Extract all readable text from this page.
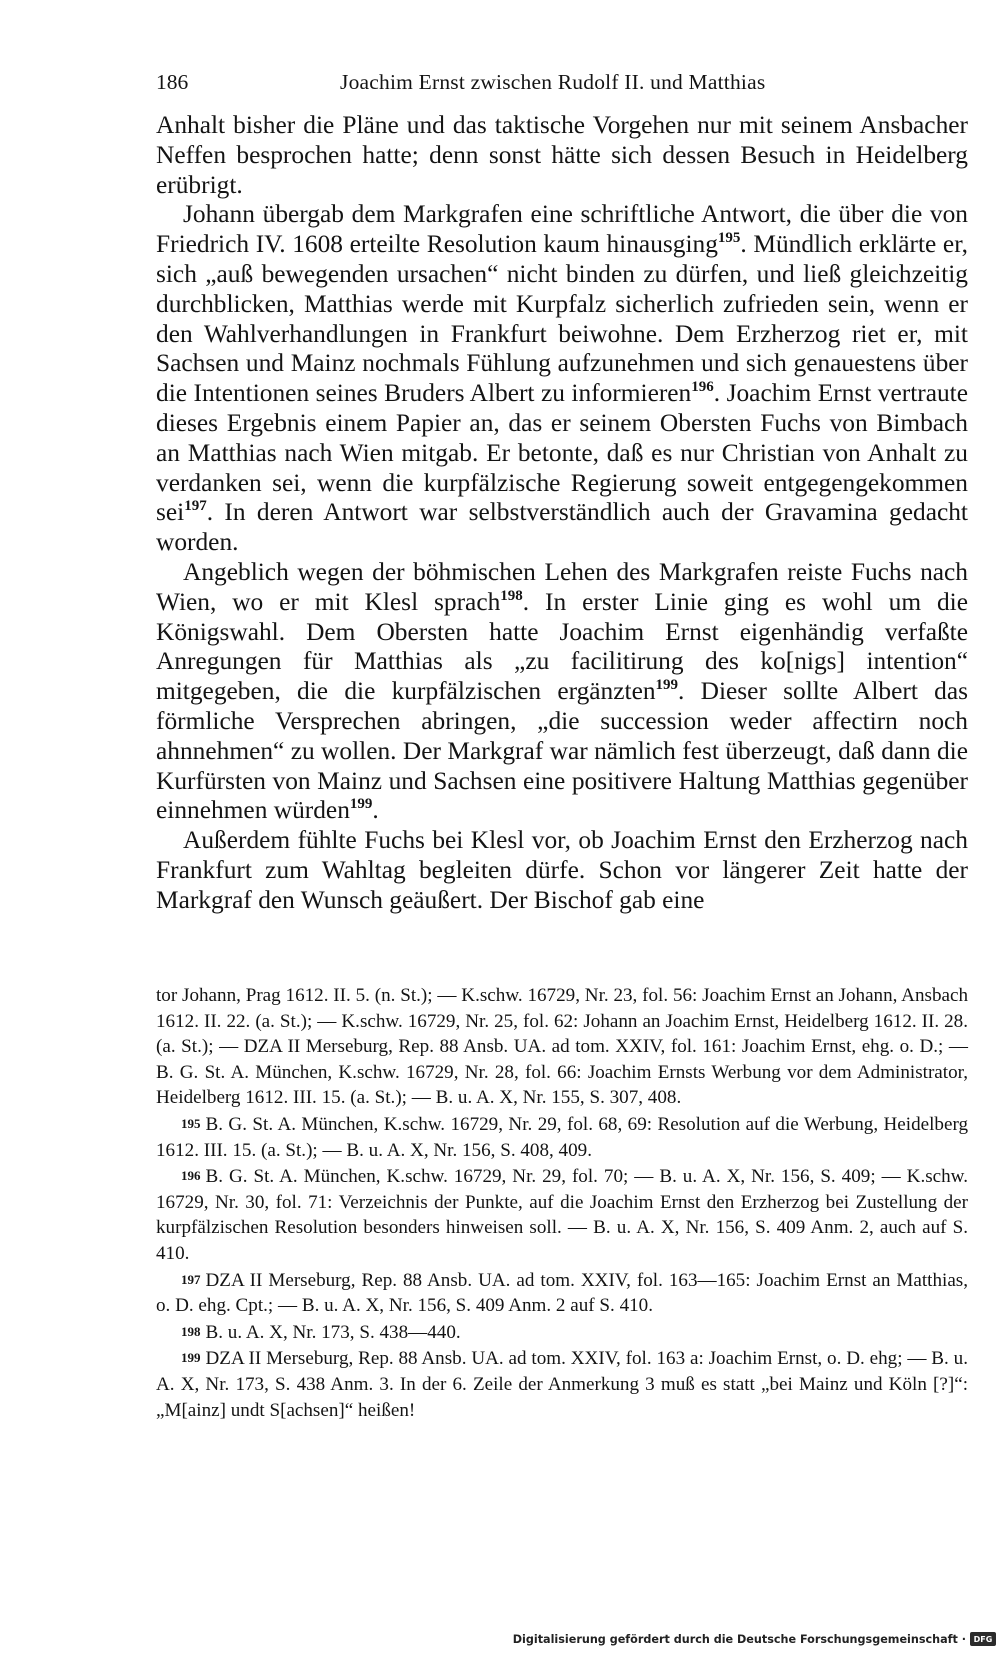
186	Joachim Ernst zwischen Rudolf II. und Matthias

Anhalt bisher die Pläne und das taktische Vorgehen nur mit seinem Ansbacher Neffen besprochen hatte; denn sonst hätte sich dessen Besuch in Heidelberg erübrigt.

Johann übergab dem Markgrafen eine schriftliche Antwort, die über die von Friedrich IV. 1608 erteilte Resolution kaum hinausging$^{195}$. Mündlich erklärte er, sich „auß bewegenden ursachen“ nicht binden zu dürfen, und ließ gleichzeitig durchblicken, Matthias werde mit Kurpfalz sicherlich zufrieden sein, wenn er den Wahlverhandlungen in Frankfurt beiwohne. Dem Erzherzog riet er, mit Sachsen und Mainz nochmals Fühlung aufzunehmen und sich genauestens über die Intentionen seines Bruders Albert zu informieren$^{196}$. Joachim Ernst vertraute dieses Ergebnis einem Papier an, das er seinem Obersten Fuchs von Bimbach an Matthias nach Wien mitgab. Er betonte, daß es nur Christian von Anhalt zu verdanken sei, wenn die kurpfälzische Regierung soweit entgegengekommen sei$^{197}$. In deren Antwort war selbstverständlich auch der Gravamina gedacht worden.

Angeblich wegen der böhmischen Lehen des Markgrafen reiste Fuchs nach Wien, wo er mit Klesl sprach$^{198}$. In erster Linie ging es wohl um die Königswahl. Dem Obersten hatte Joachim Ernst eigenhändig verfaßte Anregungen für Matthias als „zu facilitirung des ko[nigs] intention“ mitgegeben, die die kurpfälzischen ergänzten$^{199}$. Dieser sollte Albert das förmliche Versprechen abringen, „die succession weder affectirn noch ahnnehmen“ zu wollen. Der Markgraf war nämlich fest überzeugt, daß dann die Kurfürsten von Mainz und Sachsen eine positivere Haltung Matthias gegenüber einnehmen würden$^{199}$.

Außerdem fühlte Fuchs bei Klesl vor, ob Joachim Ernst den Erzherzog nach Frankfurt zum Wahltag begleiten dürfe. Schon vor längerer Zeit hatte der Markgraf den Wunsch geäußert. Der Bischof gab eine

tor Johann, Prag 1612. II. 5. (n. St.); — K.schw. 16729, Nr. 23, fol. 56: Joachim Ernst an Johann, Ansbach 1612. II. 22. (a. St.); — K.schw. 16729, Nr. 25, fol. 62: Johann an Joachim Ernst, Heidelberg 1612. II. 28. (a. St.); — DZA II Merseburg, Rep. 88 Ansb. UA. ad tom. XXIV, fol. 161: Joachim Ernst, ehg. o. D.; — B. G. St. A. München, K.schw. 16729, Nr. 28, fol. 66: Joachim Ernsts Werbung vor dem Administrator, Heidelberg 1612. III. 15. (a. St.); — B. u. A. X, Nr. 155, S. 307, 408.

195 B. G. St. A. München, K.schw. 16729, Nr. 29, fol. 68, 69: Resolution auf die Werbung, Heidelberg 1612. III. 15. (a. St.); — B. u. A. X, Nr. 156, S. 408, 409.

196 B. G. St. A. München, K.schw. 16729, Nr. 29, fol. 70; — B. u. A. X, Nr. 156, S. 409; — K.schw. 16729, Nr. 30, fol. 71: Verzeichnis der Punkte, auf die Joachim Ernst den Erzherzog bei Zustellung der kurpfälzischen Resolution besonders hinweisen soll. — B. u. A. X, Nr. 156, S. 409 Anm. 2, auch auf S. 410.

197 DZA II Merseburg, Rep. 88 Ansb. UA. ad tom. XXIV, fol. 163—165: Joachim Ernst an Matthias, o. D. ehg. Cpt.; — B. u. A. X, Nr. 156, S. 409 Anm. 2 auf S. 410.

198 B. u. A. X, Nr. 173, S. 438—440.

199 DZA II Merseburg, Rep. 88 Ansb. UA. ad tom. XXIV, fol. 163 a: Joachim Ernst, o. D. ehg; — B. u. A. X, Nr. 173, S. 438 Anm. 3. In der 6. Zeile der Anmerkung 3 muß es statt „bei Mainz und Köln [?]“: „M[ainz] undt S[achsen]“ heißen!

Digitalisierung gefördert durch die Deutsche Forschungsgemeinschaft · DFG
